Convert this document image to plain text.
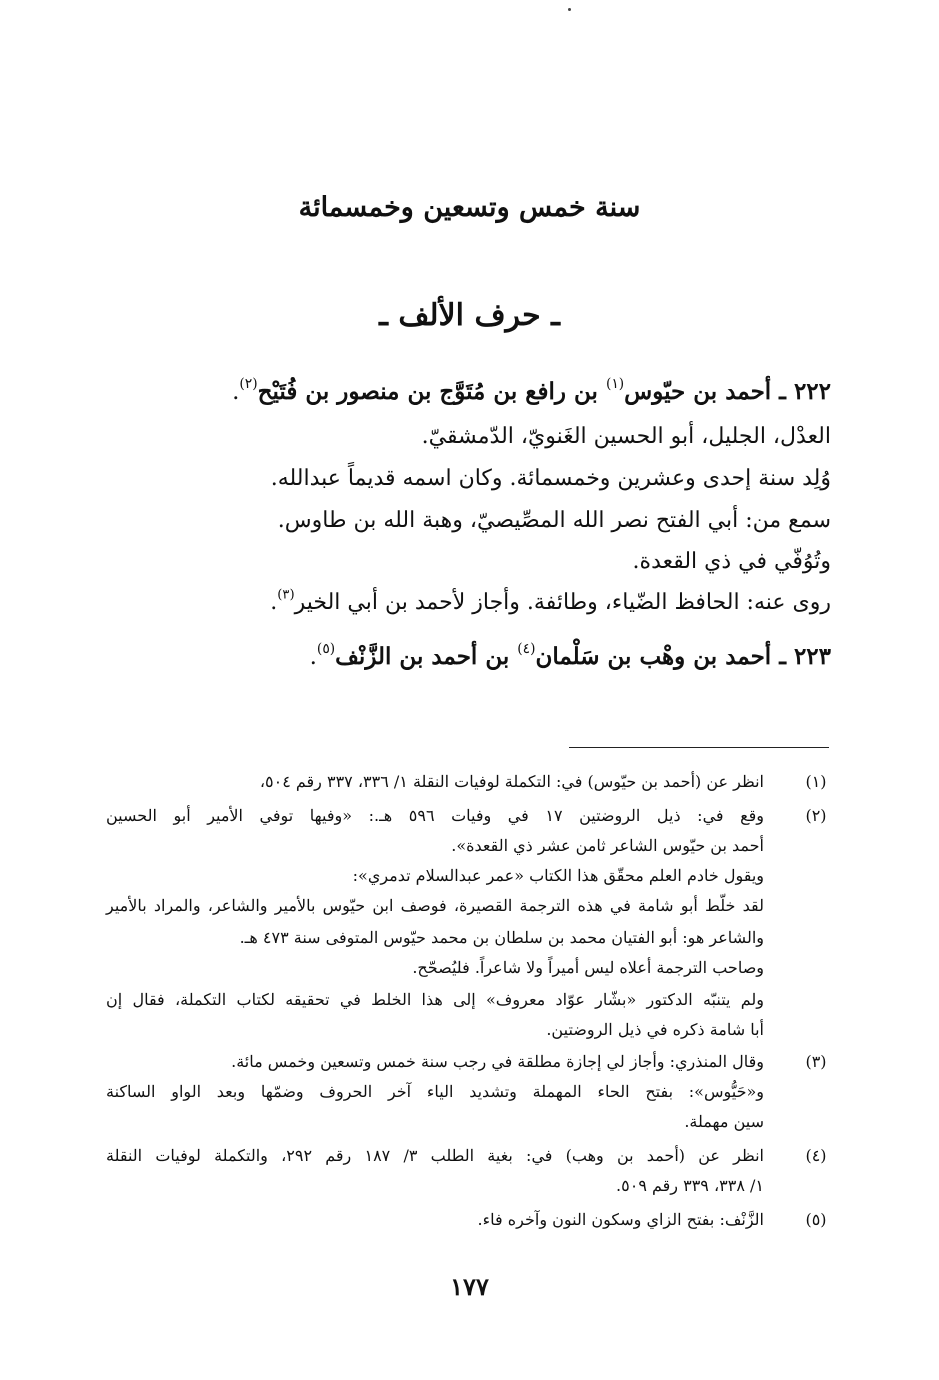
سنة خمس وتسعين وخمسمائة
ـ حرف الألف ـ
٢٢٢ ـ أحمد بن حيّوس$^{(١)}$ بن رافع بن مُتَوَّج بن منصور بن فُتَيْح$^{(٢)}$.
العدْل، الجليل، أبو الحسين الغَنويّ، الدّمشقيّ.
وُلِد سنة إحدى وعشرين وخمسمائة. وكان اسمه قديماً عبدالله.
سمع من: أبي الفتح نصر الله المصِّيصيّ، وهبة الله بن طاوس.
وتُوُفّي في ذي القعدة.
روى عنه: الحافظ الضّياء، وطائفة. وأجاز لأحمد بن أبي الخير$^{(٣)}$.
٢٢٣ ـ أحمد بن وهْب بن سَلْمان$^{(٤)}$ بن أحمد بن الزَّنْف$^{(٥)}$.
(١)
انظر عن (أحمد بن حيّوس) في: التكملة لوفيات النقلة ١/ ٣٣٦، ٣٣٧ رقم ٥٠٤،
(٢)
وقع في: ذيل الروضتين ١٧ في وفيات ٥٩٦ هـ.: «وفيها توفي الأمير أبو الحسين
أحمد بن حيّوس الشاعر ثامن عشر ذي القعدة».
ويقول خادم العلم محقّق هذا الكتاب «عمر عبدالسلام تدمري»:
لقد خلّط أبو شامة في هذه الترجمة القصيرة، فوصف ابن حيّوس بالأمير والشاعر، والمراد بالأمير
والشاعر هو: أبو الفتيان محمد بن سلطان بن محمد حيّوس المتوفى سنة ٤٧٣ هـ.
وصاحب الترجمة أعلاه ليس أميراً ولا شاعراً. فليُصحّح.
ولم يتنبّه الدكتور «بشّار عوّاد معروف» إلى هذا الخلط في تحقيقه لكتاب التكملة، فقال إن
أبا شامة ذكره في ذيل الروضتين.
(٣)
وقال المنذري: وأجاز لي إجازة مطلقة في رجب سنة خمس وتسعين وخمس مائة.
و«حَيُّوس»: بفتح الحاء المهملة وتشديد الياء آخر الحروف وضمّها وبعد الواو الساكنة
سين مهملة.
(٤)
انظر عن (أحمد بن وهب) في: بغية الطلب ٣/ ١٨٧ رقم ٢٩٢، والتكملة لوفيات النقلة
١/ ٣٣٨، ٣٣٩ رقم ٥٠٩.
(٥)
الزَّنْف: بفتح الزاي وسكون النون وآخره فاء.
١٧٧
